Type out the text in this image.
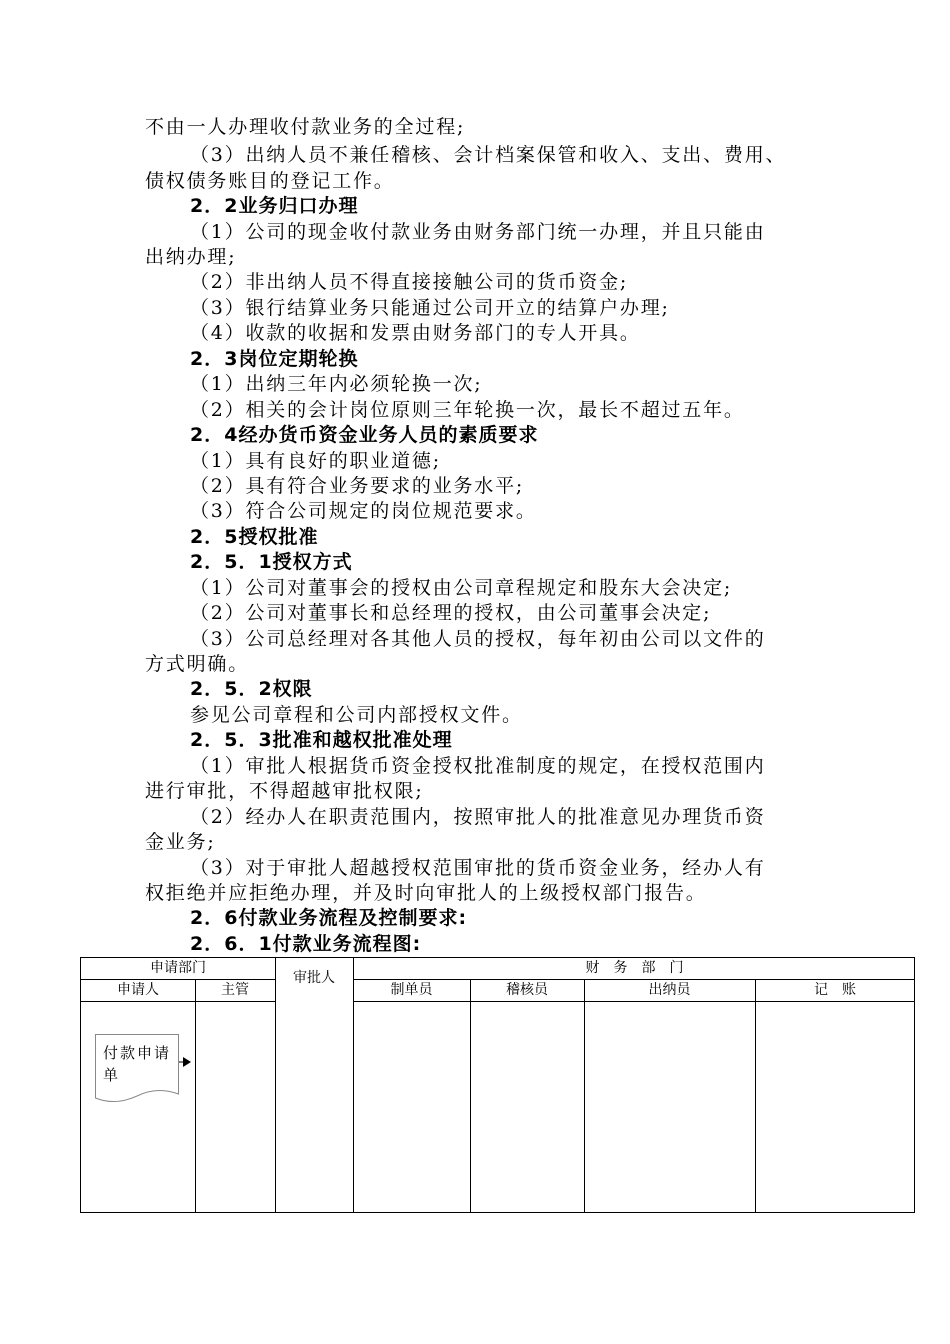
不由一人办理收付款业务的全过程;
（3）出纳人员不兼任稽核、会计档案保管和收入、支出、费用、
债权债务账目的登记工作。
2．2业务归口办理
（1）公司的现金收付款业务由财务部门统一办理，并且只能由
出纳办理;
（2）非出纳人员不得直接接触公司的货币资金;
（3）银行结算业务只能通过公司开立的结算户办理;
（4）收款的收据和发票由财务部门的专人开具。
2．3岗位定期轮换
（1）出纳三年内必须轮换一次;
（2）相关的会计岗位原则三年轮换一次，最长不超过五年。
2．4经办货币资金业务人员的素质要求
（1）具有良好的职业道德;
（2）具有符合业务要求的业务水平;
（3）符合公司规定的岗位规范要求。
2．5授权批准
2．5．1授权方式
（1）公司对董事会的授权由公司章程规定和股东大会决定;
（2）公司对董事长和总经理的授权，由公司董事会决定;
（3）公司总经理对各其他人员的授权，每年初由公司以文件的
方式明确。
2．5．2权限
参见公司章程和公司内部授权文件。
2．5．3批准和越权批准处理
（1）审批人根据货币资金授权批准制度的规定，在授权范围内
进行审批，不得超越审批权限;
（2）经办人在职责范围内，按照审批人的批准意见办理货币资
金业务;
（3）对于审批人超越授权范围审批的货币资金业务，经办人有
权拒绝并应拒绝办理，并及时向审批人的上级授权部门报告。
2．6付款业务流程及控制要求:
2．6．1付款业务流程图:
申请部门
审批人
财　务　部　门
申请人	主管	制单员	稽核员	出纳员	记　账
付款申请单
